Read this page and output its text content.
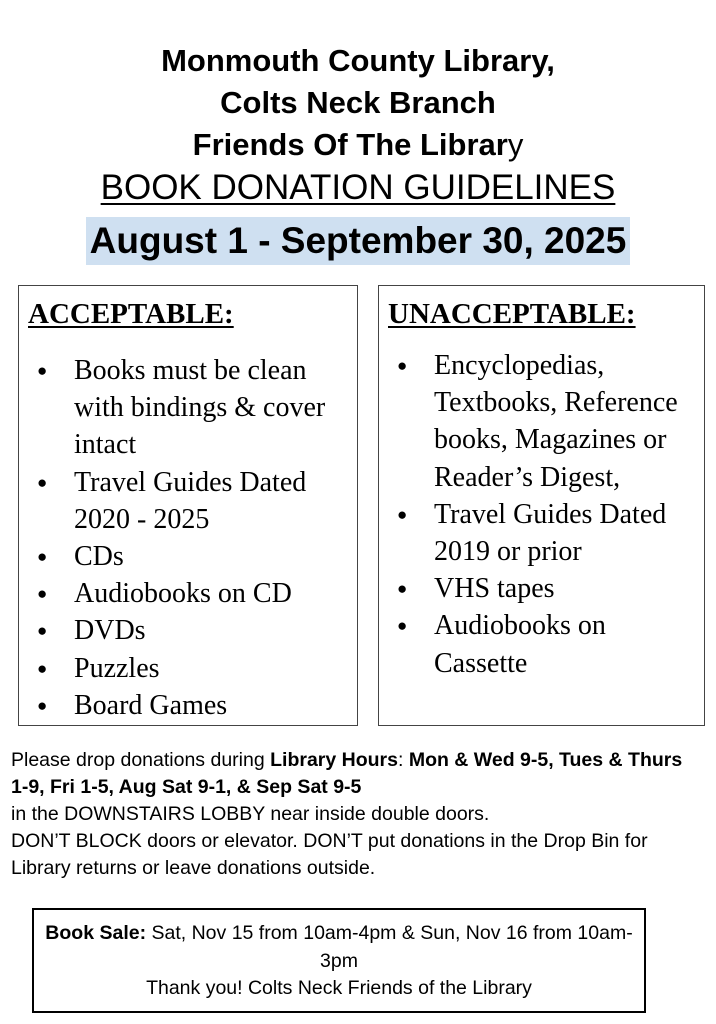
Monmouth County Library,
Colts Neck Branch
Friends Of The Library
BOOK DONATION GUIDELINES
August 1 - September 30, 2025
ACCEPTABLE:
● Books must be clean with bindings & cover intact
● Travel Guides Dated 2020 - 2025
● CDs
● Audiobooks on CD
● DVDs
● Puzzles
● Board Games
UNACCEPTABLE:
● Encyclopedias, Textbooks, Reference books, Magazines or Reader’s Digest,
● Travel Guides Dated 2019 or prior
● VHS tapes
● Audiobooks on Cassette
Please drop donations during Library Hours: Mon & Wed 9-5, Tues & Thurs 1-9, Fri 1-5, Aug Sat 9-1, & Sep Sat 9-5
in the DOWNSTAIRS LOBBY near inside double doors.
DON’T BLOCK doors or elevator. DON’T put donations in the Drop Bin for Library returns or leave donations outside.
Book Sale: Sat, Nov 15 from 10am-4pm & Sun, Nov 16 from 10am-3pm
Thank you! Colts Neck Friends of the Library
